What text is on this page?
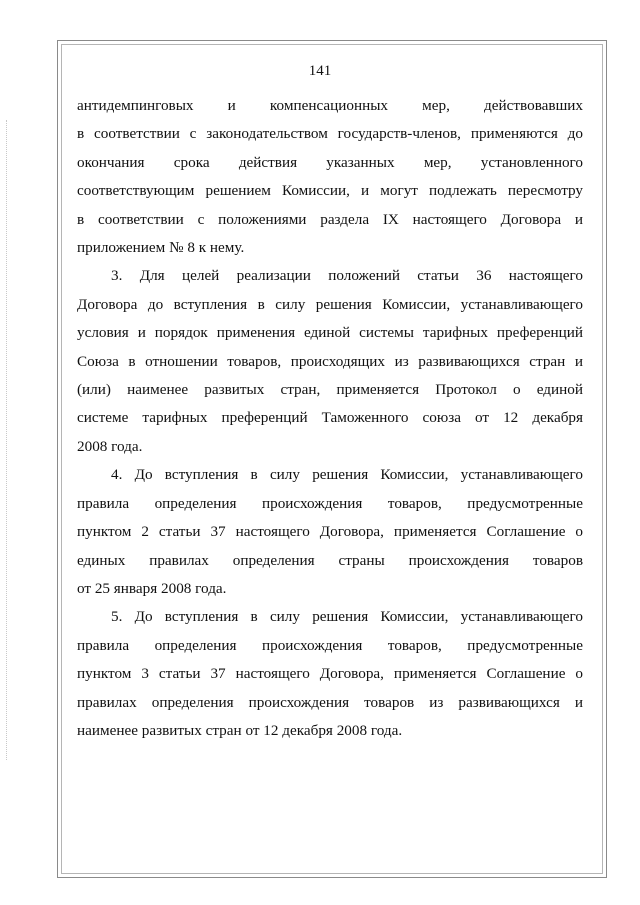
141

антидемпинговых и компенсационных мер, действовавших
в соответствии с законодательством государств-членов, применяются до
окончания срока действия указанных мер, установленного
соответствующим решением Комиссии, и могут подлежать пересмотру
в соответствии с положениями раздела IX настоящего Договора и
приложением № 8 к нему.

3. Для целей реализации положений статьи 36 настоящего
Договора до вступления в силу решения Комиссии, устанавливающего
условия и порядок применения единой системы тарифных преференций
Союза в отношении товаров, происходящих из развивающихся стран и
(или) наименее развитых стран, применяется Протокол о единой
системе тарифных преференций Таможенного союза от 12 декабря
2008 года.

4. До вступления в силу решения Комиссии, устанавливающего
правила определения происхождения товаров, предусмотренные
пунктом 2 статьи 37 настоящего Договора, применяется Соглашение о
единых правилах определения страны происхождения товаров
от 25 января 2008 года.

5. До вступления в силу решения Комиссии, устанавливающего
правила определения происхождения товаров, предусмотренные
пунктом 3 статьи 37 настоящего Договора, применяется Соглашение о
правилах определения происхождения товаров из развивающихся и
наименее развитых стран от 12 декабря 2008 года.
